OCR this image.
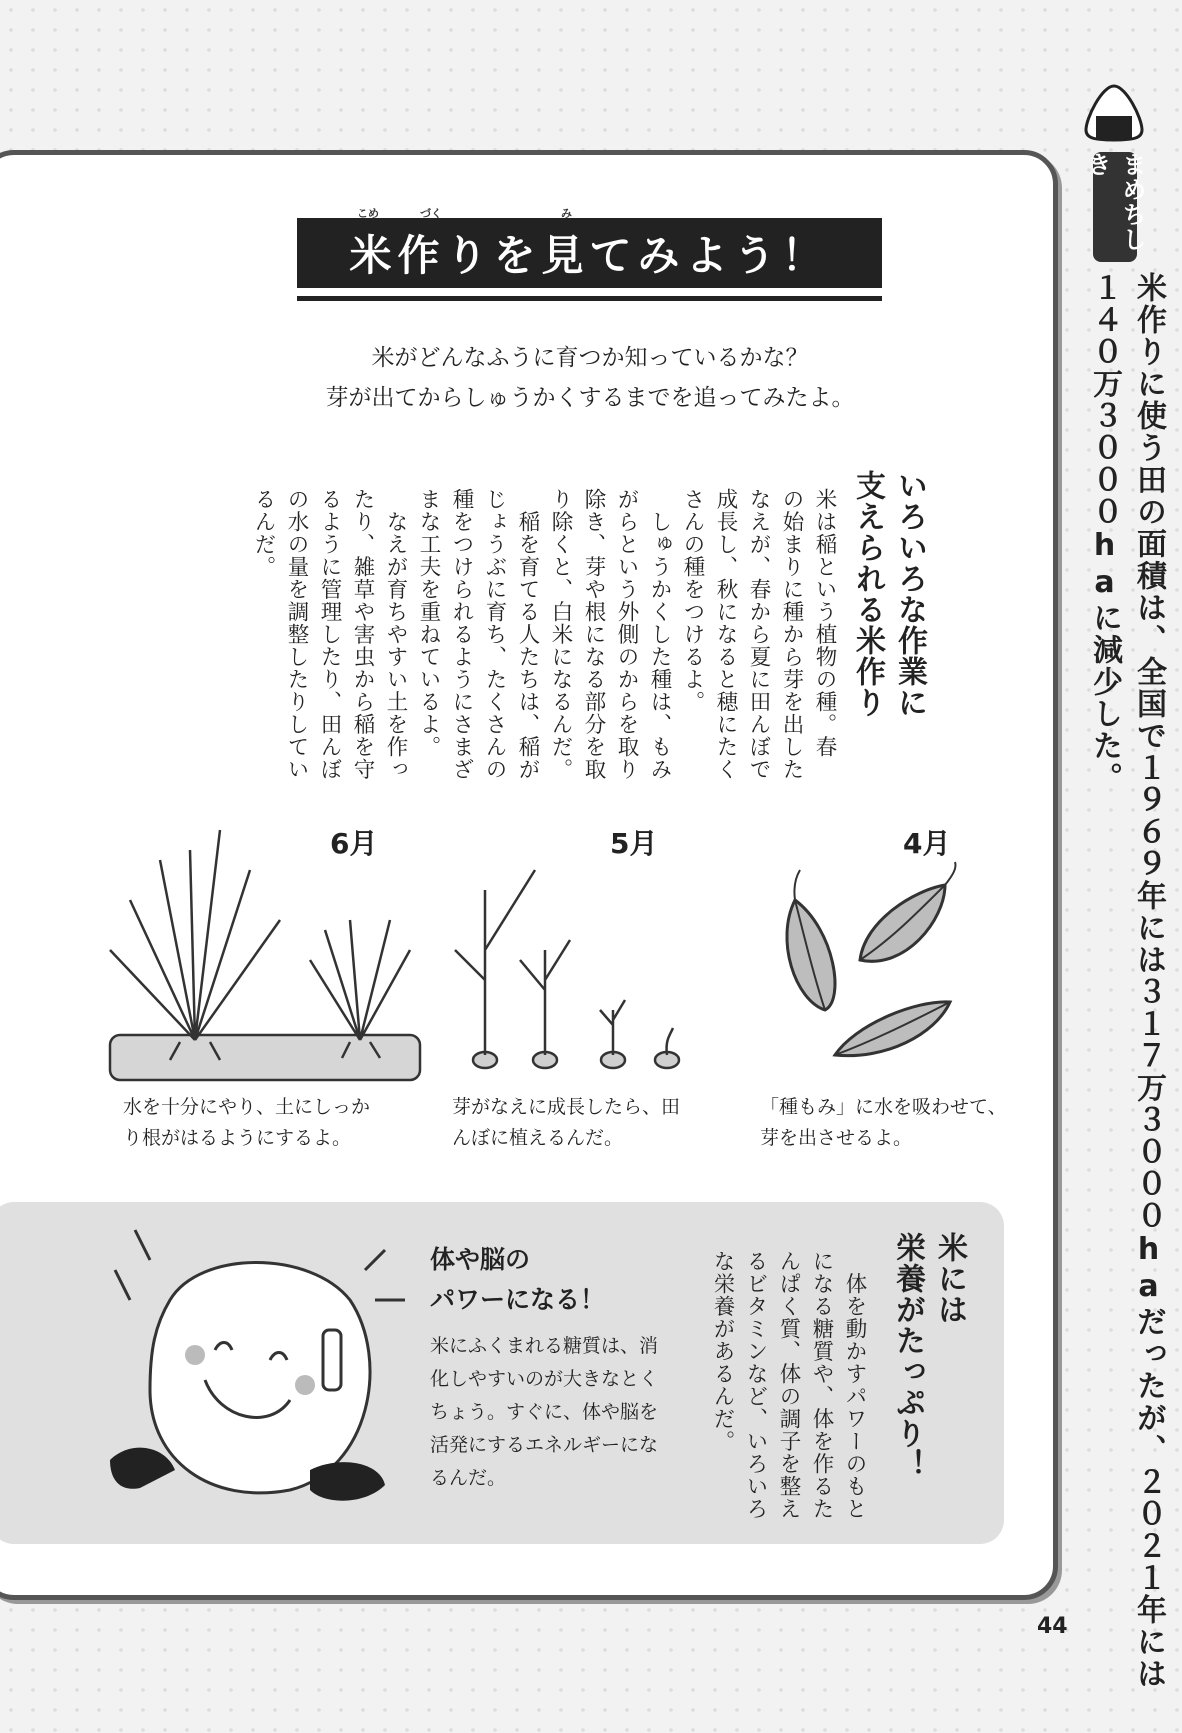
米作りを見てみよう！
こめ	づく	み
米がどんなふうに育つか知っているかな？
芽が出てからしゅうかくするまでを追ってみたよ。
いろいろな作業に
支えられる米作り
米は稲という植物の種。春
の始まりに種から芽を出した
なえが、春から夏に田んぼで
成長し、秋になると穂にたく
さんの種をつけるよ。
　しゅうかくした種は、もみ
がらという外側のからを取り
除き、芽や根になる部分を取
り除くと、白米になるんだ。
　稲を育てる人たちは、稲が
じょうぶに育ち、たくさんの
種をつけられるようにさまざ
まな工夫を重ねているよ。
　なえが育ちやすい土を作っ
たり、雑草や害虫から稲を守
るように管理したり、田んぼ
の水の量を調整したりしてい
るんだ。
4月
5月
6月
「種もみ」に水を吸わせて、
芽を出させるよ。
芽がなえに成長したら、田
んぼに植えるんだ。
水を十分にやり、土にしっか
り根がはるようにするよ。
米には
栄養がたっぷり！
　体を動かすパワーのもと
になる糖質や、体を作るた
んぱく質、体の調子を整え
るビタミンなど、いろいろ
な栄養があるんだ。
体や脳の
パワーになる！
米にふくまれる糖質は、消化しやすいのが大きなとくちょう。すぐに、体や脳を活発にするエネルギーになるんだ。
まめちしき
米作りに使う田の面積は、全国で１９６９年には３１７万３０００haだったが、２０２１年には１４０万３０００haに減少した。
44
